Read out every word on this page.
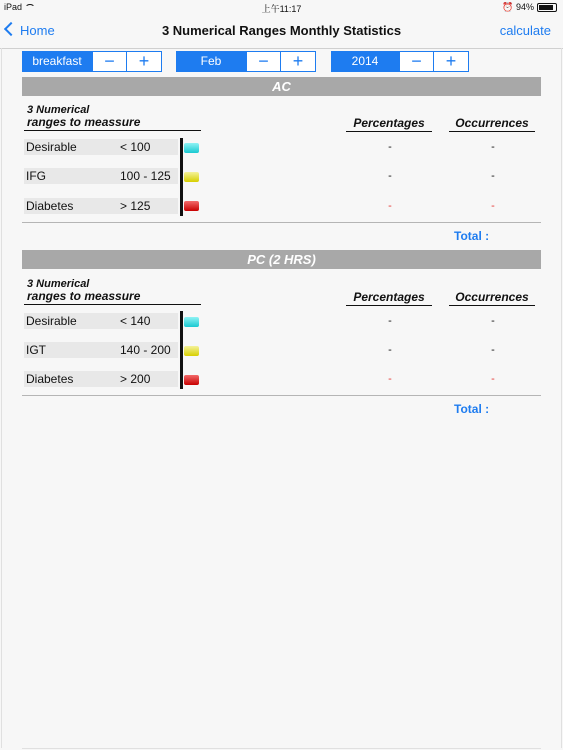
iPad	上午11:17	⏰ 94%
Home	3 Numerical Ranges Monthly Statistics	calculate
breakfast	−	+	Feb	−	+	2014	−	+
AC
3 Numerical
ranges to meassure	Percentages	Occurrences
Desirable	< 100	-	-
IFG	100 - 125	-	-
Diabetes	> 125	-	-
Total :
PC (2 HRS)
3 Numerical
ranges to meassure	Percentages	Occurrences
Desirable	< 140	-	-
IGT	140 - 200	-	-
Diabetes	> 200	-	-
Total :
